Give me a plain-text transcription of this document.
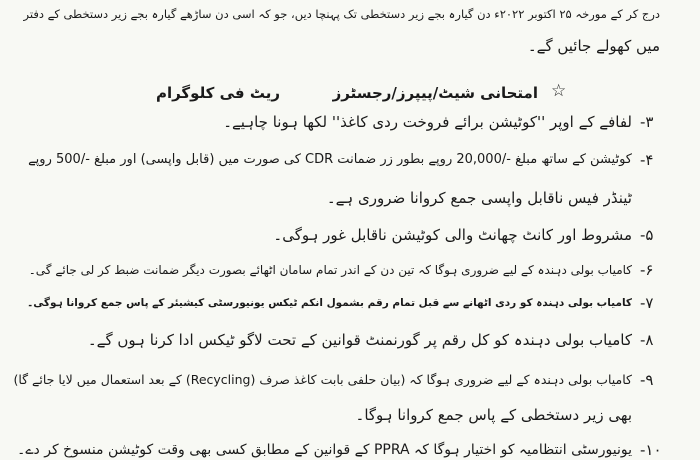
درج کر کے مورخہ ۲۵ اکتوبر ۲۰۲۲ء دن گیارہ بجے زیر دستخطی تک پہنچا دیں، جو کہ اسی دن ساڑھے گیارہ بجے زیر دستخطی کے دفتر
میں کھولے جائیں گے۔
☆
امتحانی شیٹ/پیپرز/رجسٹرز
ریٹ فی کلوگرام
-۳
لفافے کے اوپر ''کوٹیشن برائے فروخت ردی کاغذ'' لکھا ہونا چاہیے۔
-۴
کوٹیشن کے ساتھ مبلغ -/20,000 روپے بطور زر ضمانت CDR کی صورت میں (قابل واپسی) اور مبلغ -/500 روپے
ٹینڈر فیس ناقابل واپسی جمع کروانا ضروری ہے۔
-۵
مشروط اور کانٹ چھانٹ والی کوٹیشن ناقابل غور ہوگی۔
-۶
کامیاب بولی دہندہ کے لیے ضروری ہوگا کہ تین دن کے اندر تمام سامان اٹھائے بصورت دیگر ضمانت ضبط کر لی جائے گی۔
-۷
کامیاب بولی دہندہ کو ردی اٹھانے سے قبل تمام رقم بشمول انکم ٹیکس یونیورسٹی کیشیئر کے پاس جمع کروانا ہوگی۔
-۸
کامیاب بولی دہندہ کو کل رقم پر گورنمنٹ قوانین کے تحت لاگو ٹیکس ادا کرنا ہوں گے۔
-۹
کامیاب بولی دہندہ کے لیے ضروری ہوگا کہ (بیان حلفی بابت کاغذ صرف (Recycling) کے بعد استعمال میں لایا جائے گا)
بھی زیر دستخطی کے پاس جمع کروانا ہوگا۔
-۱۰
یونیورسٹی انتظامیہ کو اختیار ہوگا کہ PPRA کے قوانین کے مطابق کسی بھی وقت کوٹیشن منسوخ کر دے۔
